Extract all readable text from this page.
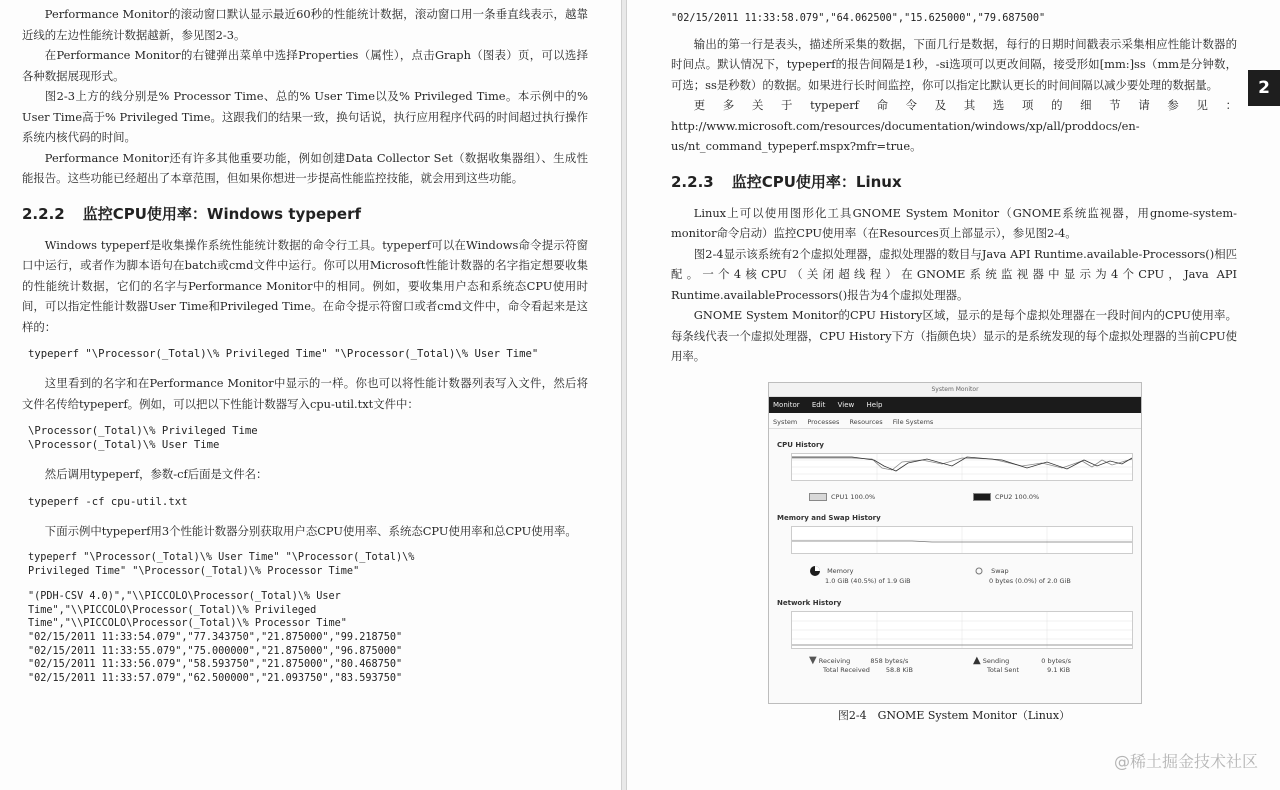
Performance Monitor的滚动窗口默认显示最近60秒的性能统计数据，滚动窗口用一条垂直线表示，越靠近线的左边性能统计数据越新，参见图2-3。

在Performance Monitor的右键弹出菜单中选择Properties（属性），点击Graph（图表）页，可以选择各种数据展现形式。

图2-3上方的线分别是% Processor Time、总的% User Time以及% Privileged Time。本示例中的% User Time高于% Privileged Time。这跟我们的结果一致，换句话说，执行应用程序代码的时间超过执行操作系统内核代码的时间。

Performance Monitor还有许多其他重要功能，例如创建Data Collector Set（数据收集器组）、生成性能报告。这些功能已经超出了本章范围，但如果你想进一步提高性能监控技能，就会用到这些功能。

2.2.2 监控CPU使用率：Windows typeperf

Windows typeperf是收集操作系统性能统计数据的命令行工具。typeperf可以在Windows命令提示符窗口中运行，或者作为脚本语句在batch或cmd文件中运行。你可以用Microsoft性能计数器的名字指定想要收集的性能统计数据，它们的名字与Performance Monitor中的相同。例如，要收集用户态和系统态CPU使用时间，可以指定性能计数器User Time和Privileged Time。在命令提示符窗口或者cmd文件中，命令看起来是这样的：

typeperf "\Processor(_Total)\% Privileged Time" "\Processor(_Total)\% User Time"

这里看到的名字和在Performance Monitor中显示的一样。你也可以将性能计数器列表写入文件，然后将文件名传给typeperf。例如，可以把以下性能计数器写入cpu-util.txt文件中：

\Processor(_Total)\% Privileged Time
\Processor(_Total)\% User Time

然后调用typeperf，参数-cf后面是文件名：

typeperf -cf cpu-util.txt

下面示例中typeperf用3个性能计数器分别获取用户态CPU使用率、系统态CPU使用率和总CPU使用率。

typeperf "\Processor(_Total)\% User Time" "\Processor(_Total)\%
Privileged Time" "\Processor(_Total)\% Processor Time"
"(PDH-CSV 4.0)","\\PICCOLO\Processor(_Total)\% User
Time","\\PICCOLO\Processor(_Total)\% Privileged
Time","\\PICCOLO\Processor(_Total)\% Processor Time"
"02/15/2011 11:33:54.079","77.343750","21.875000","99.218750"
"02/15/2011 11:33:55.079","75.000000","21.875000","96.875000"
"02/15/2011 11:33:56.079","58.593750","21.875000","80.468750"
"02/15/2011 11:33:57.079","62.500000","21.093750","83.593750"
"02/15/2011 11:33:58.079","64.062500","15.625000","79.687500"

输出的第一行是表头，描述所采集的数据，下面几行是数据，每行的日期时间戳表示采集相应性能计数器的时间点。默认情况下，typeperf的报告间隔是1秒，-si选项可以更改间隔，接受形如[mm:]ss（mm是分钟数，可选；ss是秒数）的数据。如果进行长时间监控，你可以指定比默认更长的时间间隔以减少要处理的数据量。

更多关于typeperf命令及其选项的细节请参见：http://www.microsoft.com/resources/documentation/windows/xp/all/proddocs/en-us/nt_command_typeperf.mspx?mfr=true。

2.2.3 监控CPU使用率：Linux

Linux上可以使用图形化工具GNOME System Monitor（GNOME系统监视器，用gnome-system-monitor命令启动）监控CPU使用率（在Resources页上部显示），参见图2-4。

图2-4显示该系统有2个虚拟处理器，虚拟处理器的数目与Java API Runtime.available-Processors()相匹配。一个4核CPU（关闭超线程）在GNOME系统监视器中显示为4个CPU，Java API Runtime.availableProcessors()报告为4个虚拟处理器。

GNOME System Monitor的CPU History区域，显示的是每个虚拟处理器在一段时间内的CPU使用率。每条线代表一个虚拟处理器，CPU History下方（指颜色块）显示的是系统发现的每个虚拟处理器的当前CPU使用率。

2
System Monitor
Monitor Edit View Help
System Processes Resources File Systems
CPU History
CPU1 100.0%	CPU2 100.0%
Memory and Swap History
Memory
1.0 GiB (40.5%) of 1.9 GiB
Swap
0 bytes (0.0%) of 2.0 GiB
Network History
▼ Receiving	858 bytes/s
Total Received 58.8 KiB
▲ Sending	0 bytes/s
Total Sent	9.1 KiB
图2-4　GNOME System Monitor（Linux）
@稀土掘金技术社区
